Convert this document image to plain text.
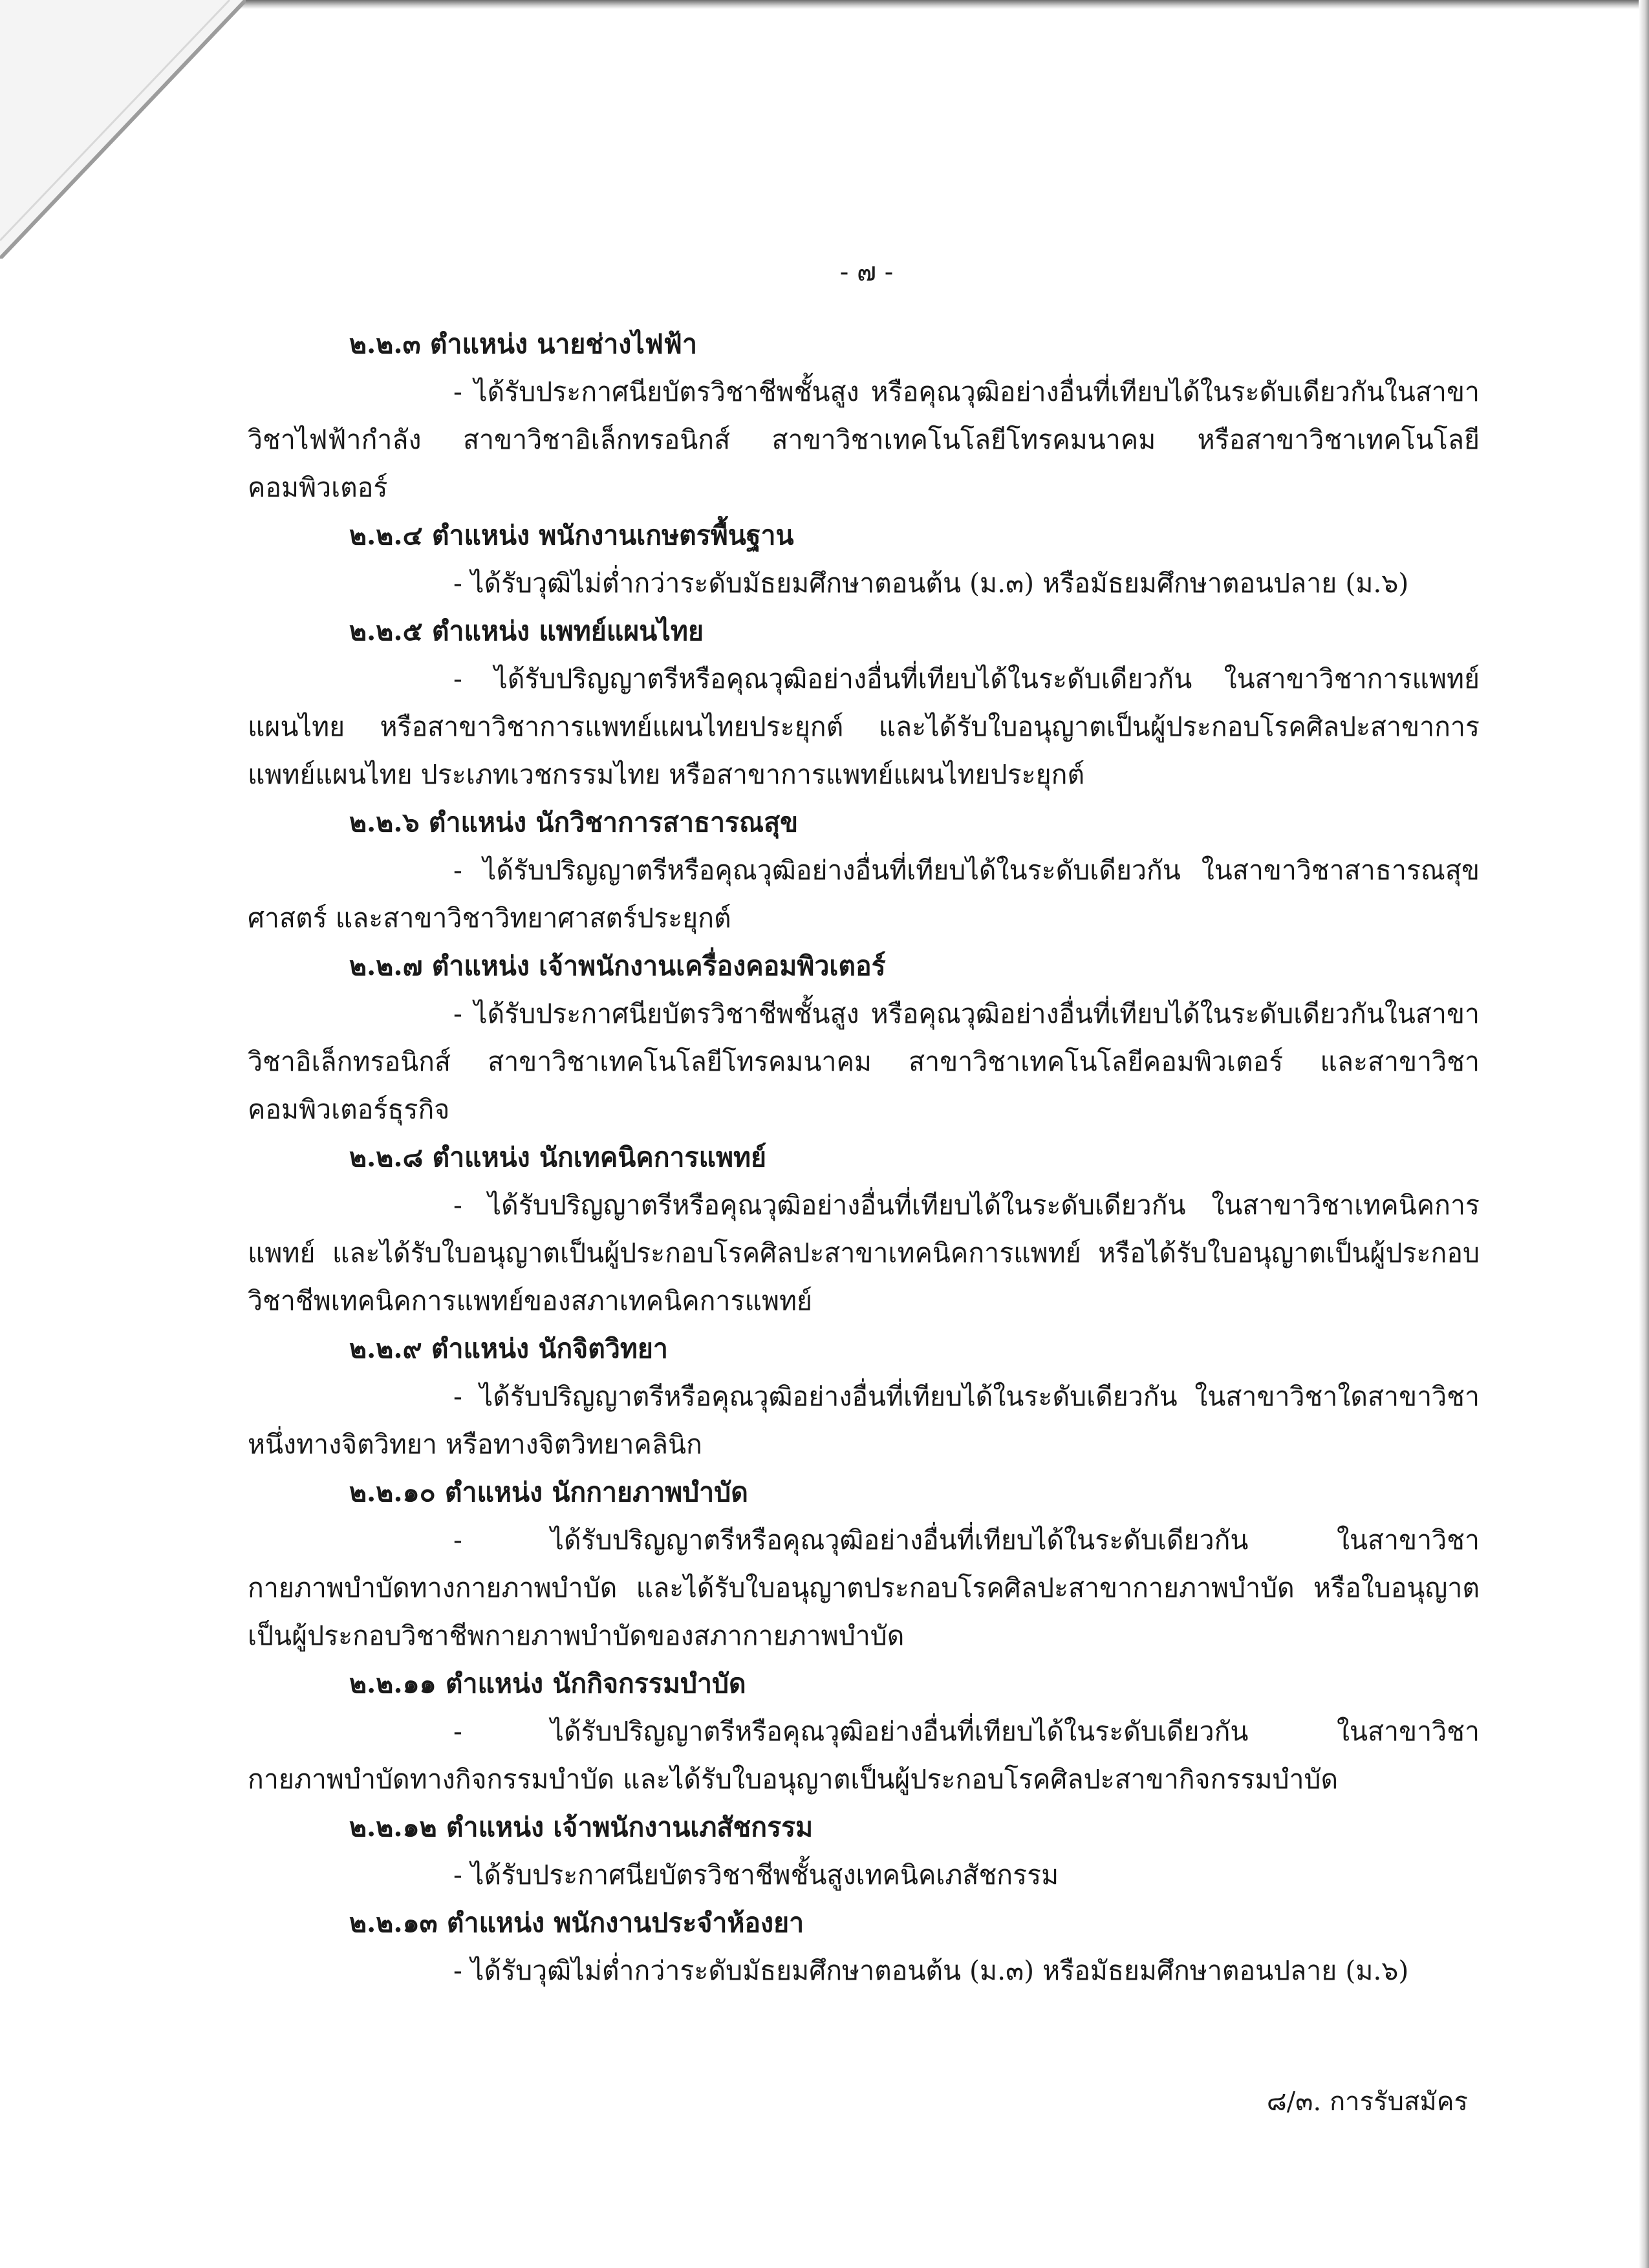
- ๗ -
๒.๒.๓ ตำแหน่ง นายช่างไฟฟ้า

- ได้รับประกาศนียบัตรวิชาชีพชั้นสูง หรือคุณวุฒิอย่างอื่นที่เทียบได้ในระดับเดียวกันในสาขาวิชาไฟฟ้ากำลัง สาขาวิชาอิเล็กทรอนิกส์ สาขาวิชาเทคโนโลยีโทรคมนาคม หรือสาขาวิชาเทคโนโลยีคอมพิวเตอร์

๒.๒.๔ ตำแหน่ง พนักงานเกษตรพื้นฐาน

- ได้รับวุฒิไม่ต่ำกว่าระดับมัธยมศึกษาตอนต้น (ม.๓) หรือมัธยมศึกษาตอนปลาย (ม.๖)

๒.๒.๕ ตำแหน่ง แพทย์แผนไทย

- ได้รับปริญญาตรีหรือคุณวุฒิอย่างอื่นที่เทียบได้ในระดับเดียวกัน ในสาขาวิชาการแพทย์แผนไทย หรือสาขาวิชาการแพทย์แผนไทยประยุกต์ และได้รับใบอนุญาตเป็นผู้ประกอบโรคศิลปะสาขาการแพทย์แผนไทย ประเภทเวชกรรมไทย หรือสาขาการแพทย์แผนไทยประยุกต์

๒.๒.๖ ตำแหน่ง นักวิชาการสาธารณสุข

- ได้รับปริญญาตรีหรือคุณวุฒิอย่างอื่นที่เทียบได้ในระดับเดียวกัน ในสาขาวิชาสาธารณสุขศาสตร์ และสาขาวิชาวิทยาศาสตร์ประยุกต์

๒.๒.๗ ตำแหน่ง เจ้าพนักงานเครื่องคอมพิวเตอร์

- ได้รับประกาศนียบัตรวิชาชีพชั้นสูง หรือคุณวุฒิอย่างอื่นที่เทียบได้ในระดับเดียวกันในสาขาวิชาอิเล็กทรอนิกส์ สาขาวิชาเทคโนโลยีโทรคมนาคม สาขาวิชาเทคโนโลยีคอมพิวเตอร์ และสาขาวิชาคอมพิวเตอร์ธุรกิจ

๒.๒.๘ ตำแหน่ง นักเทคนิคการแพทย์

- ได้รับปริญญาตรีหรือคุณวุฒิอย่างอื่นที่เทียบได้ในระดับเดียวกัน ในสาขาวิชาเทคนิคการแพทย์ และได้รับใบอนุญาตเป็นผู้ประกอบโรคศิลปะสาขาเทคนิคการแพทย์ หรือได้รับใบอนุญาตเป็นผู้ประกอบวิชาชีพเทคนิคการแพทย์ของสภาเทคนิคการแพทย์

๒.๒.๙ ตำแหน่ง นักจิตวิทยา

- ได้รับปริญญาตรีหรือคุณวุฒิอย่างอื่นที่เทียบได้ในระดับเดียวกัน ในสาขาวิชาใดสาขาวิชาหนึ่งทางจิตวิทยา หรือทางจิตวิทยาคลินิก

๒.๒.๑๐ ตำแหน่ง นักกายภาพบำบัด

- ได้รับปริญญาตรีหรือคุณวุฒิอย่างอื่นที่เทียบได้ในระดับเดียวกัน ในสาขาวิชากายภาพบำบัดทางกายภาพบำบัด และได้รับใบอนุญาตประกอบโรคศิลปะสาขากายภาพบำบัด หรือใบอนุญาตเป็นผู้ประกอบวิชาชีพกายภาพบำบัดของสภากายภาพบำบัด

๒.๒.๑๑ ตำแหน่ง นักกิจกรรมบำบัด

- ได้รับปริญญาตรีหรือคุณวุฒิอย่างอื่นที่เทียบได้ในระดับเดียวกัน ในสาขาวิชากายภาพบำบัดทางกิจกรรมบำบัด และได้รับใบอนุญาตเป็นผู้ประกอบโรคศิลปะสาขากิจกรรมบำบัด

๒.๒.๑๒ ตำแหน่ง เจ้าพนักงานเภสัชกรรม

- ได้รับประกาศนียบัตรวิชาชีพชั้นสูงเทคนิคเภสัชกรรม

๒.๒.๑๓ ตำแหน่ง พนักงานประจำห้องยา

- ได้รับวุฒิไม่ต่ำกว่าระดับมัธยมศึกษาตอนต้น (ม.๓) หรือมัธยมศึกษาตอนปลาย (ม.๖)

๘/๓. การรับสมัคร
